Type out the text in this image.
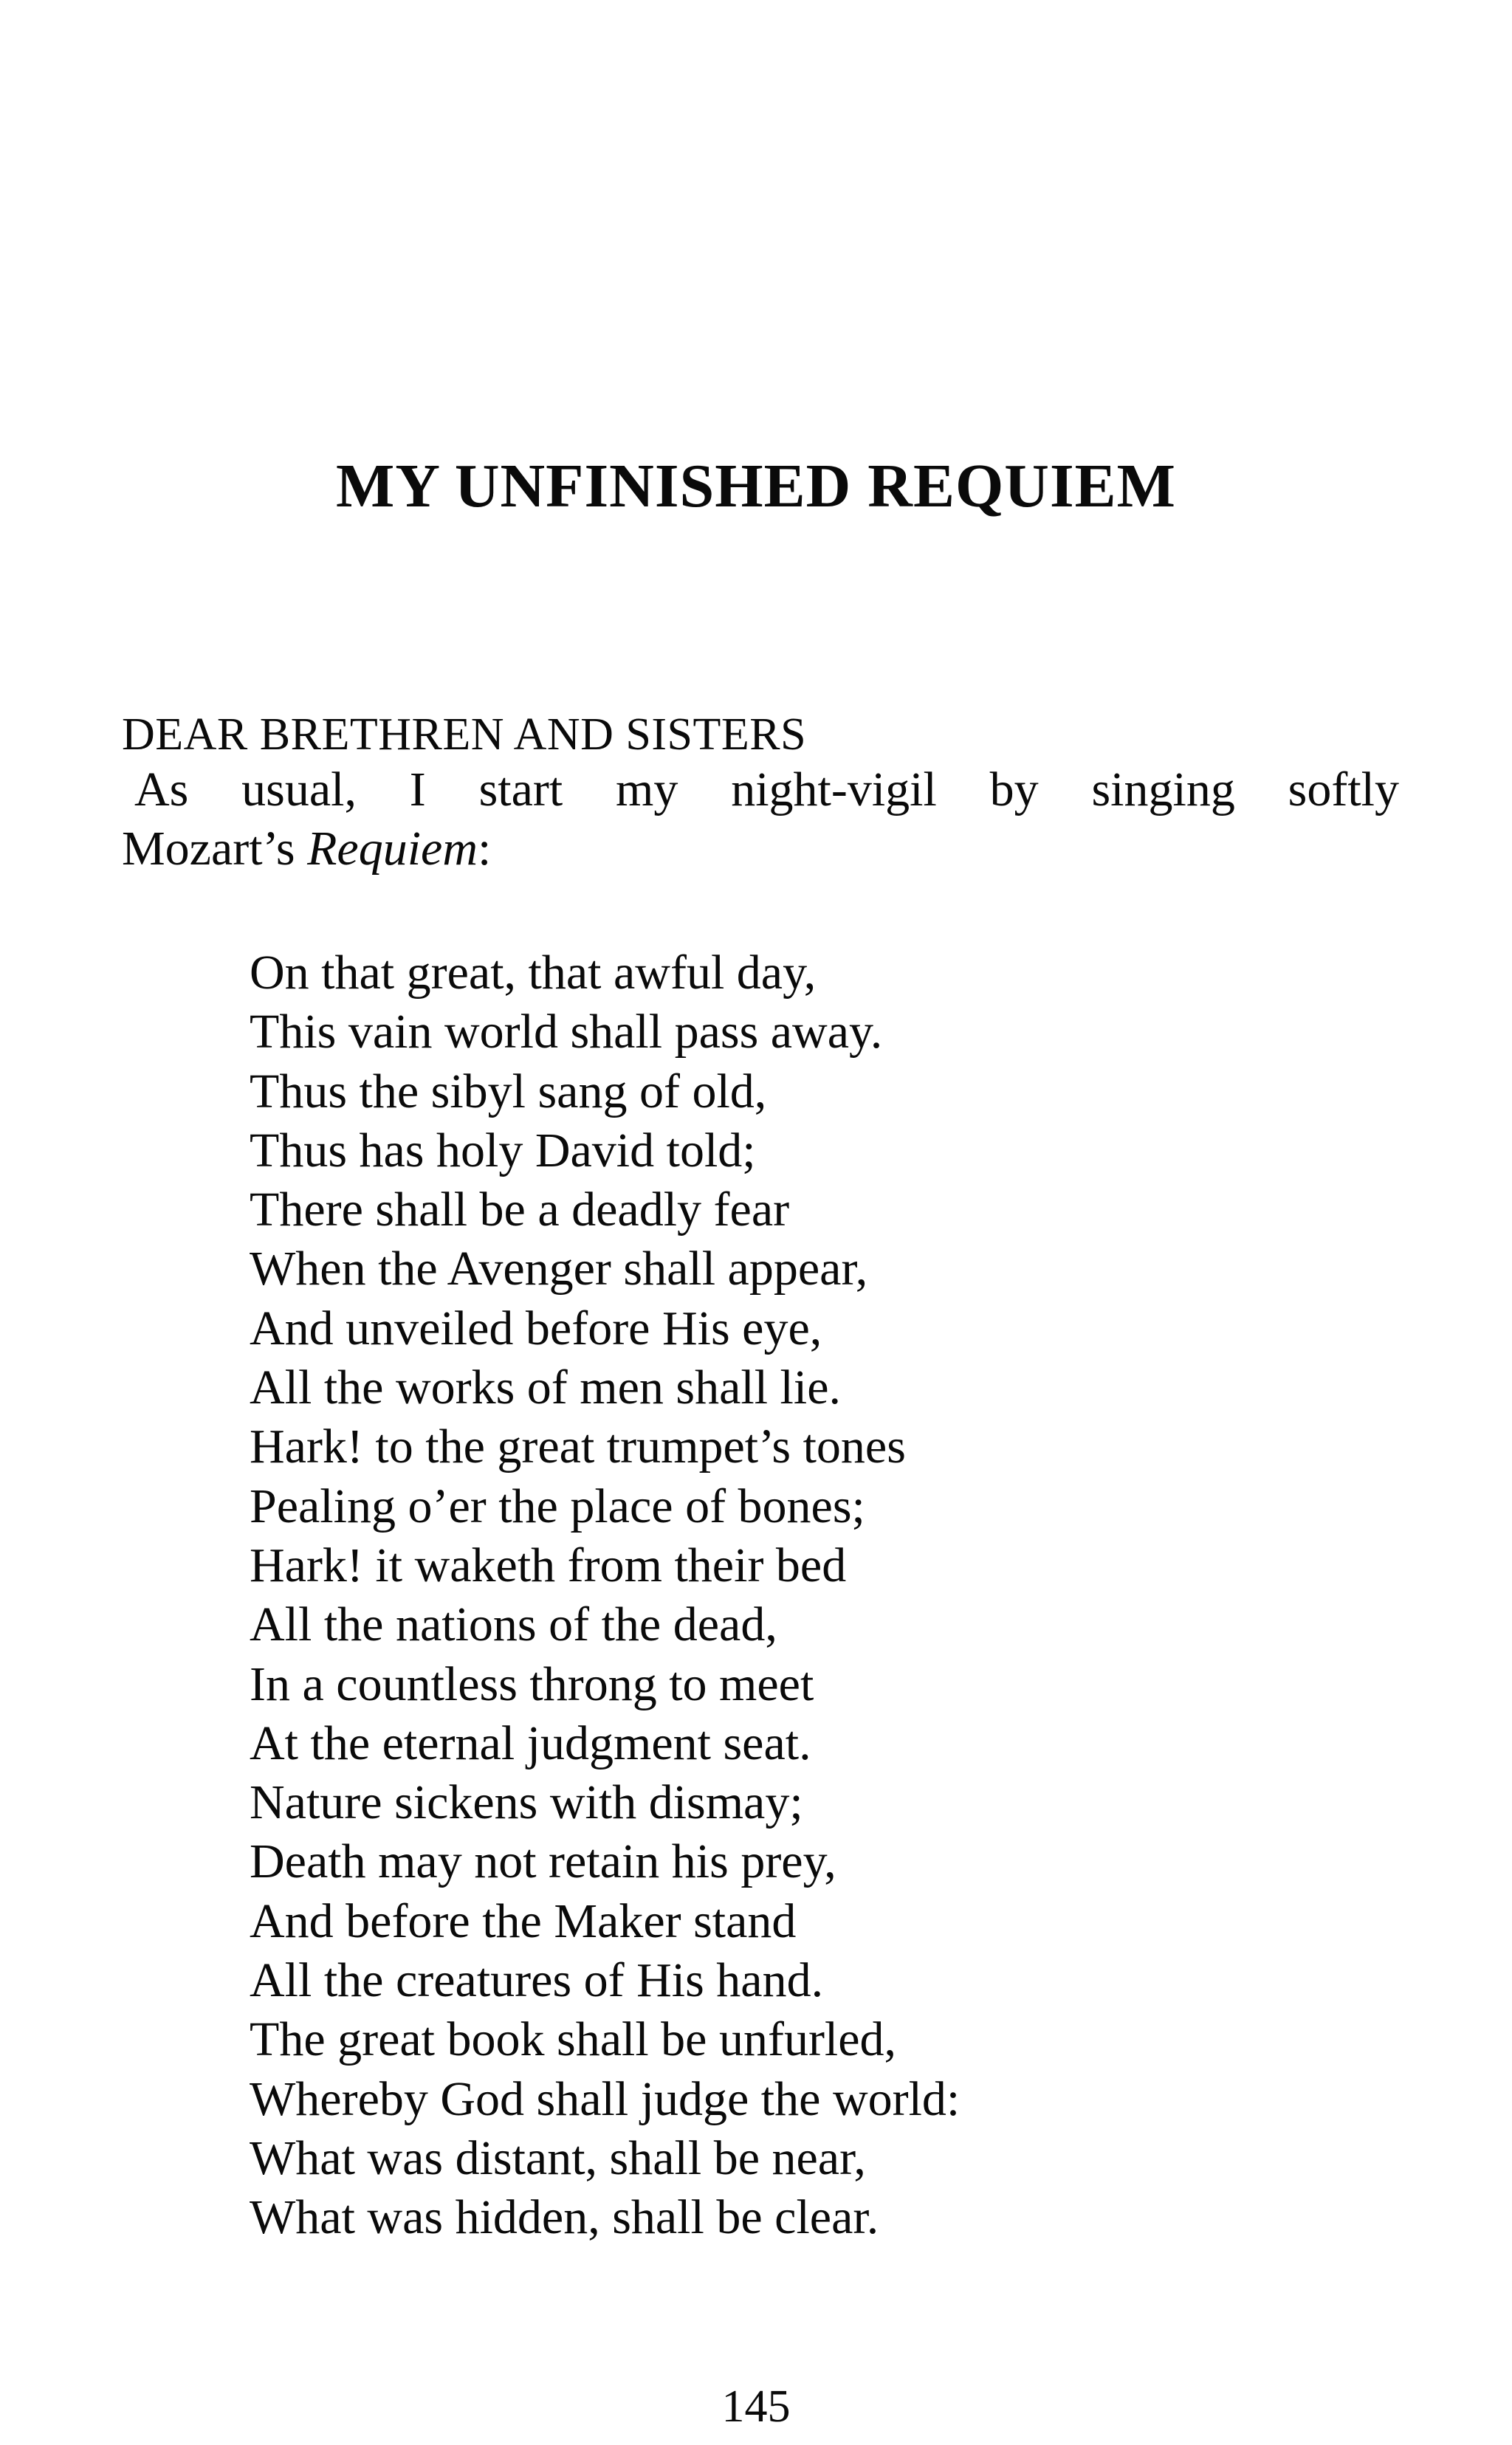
MY UNFINISHED REQUIEM

DEAR BRETHREN AND SISTERS

As usual, I start my night-vigil by singing softly
Mozart’s Requiem:

On that great, that awful day,
This vain world shall pass away.
Thus the sibyl sang of old,
Thus has holy David told;
There shall be a deadly fear
When the Avenger shall appear,
And unveiled before His eye,
All the works of men shall lie.
Hark! to the great trumpet’s tones
Pealing o’er the place of bones;
Hark! it waketh from their bed
All the nations of the dead,
In a countless throng to meet
At the eternal judgment seat.
Nature sickens with dismay;
Death may not retain his prey,
And before the Maker stand
All the creatures of His hand.
The great book shall be unfurled,
Whereby God shall judge the world:
What was distant, shall be near,
What was hidden, shall be clear.

145
